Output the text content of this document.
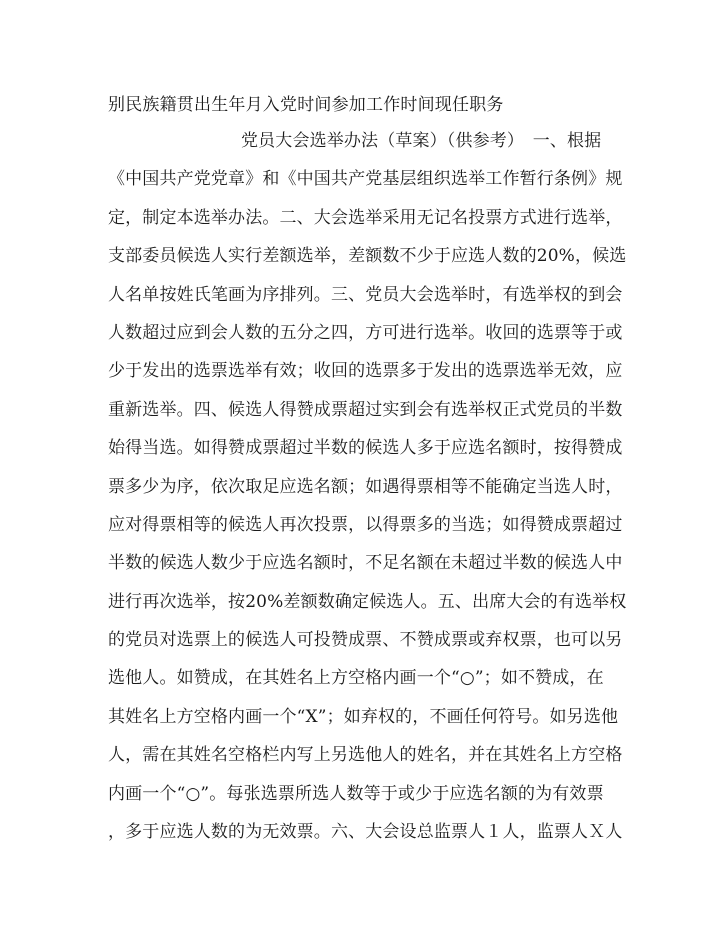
别民族籍贯出生年月入党时间参加工作时间现任职务
党员大会选举办法（草案）（供参考）　一、根据
《中国共产党党章》和《中国共产党基层组织选举工作暂行条例》规
定，制定本选举办法。二、大会选举采用无记名投票方式进行选举，
支部委员候选人实行差额选举，差额数不少于应选人数的20%，候选
人名单按姓氏笔画为序排列。三、党员大会选举时，有选举权的到会
人数超过应到会人数的五分之四，方可进行选举。收回的选票等于或
少于发出的选票选举有效；收回的选票多于发出的选票选举无效，应
重新选举。四、候选人得赞成票超过实到会有选举权正式党员的半数
始得当选。如得赞成票超过半数的候选人多于应选名额时，按得赞成
票多少为序，依次取足应选名额；如遇得票相等不能确定当选人时，
应对得票相等的候选人再次投票，以得票多的当选；如得赞成票超过
半数的候选人数少于应选名额时，不足名额在未超过半数的候选人中
进行再次选举，按20%差额数确定候选人。五、出席大会的有选举权
的党员对选票上的候选人可投赞成票、不赞成票或弃权票，也可以另
选他人。如赞成，在其姓名上方空格内画一个“○”；如不赞成，在
其姓名上方空格内画一个“X”；如弃权的，不画任何符号。如另选他
人，需在其姓名空格栏内写上另选他人的姓名，并在其姓名上方空格
内画一个“○”。每张选票所选人数等于或少于应选名额的为有效票
，多于应选人数的为无效票。六、大会设总监票人１人，监票人Ｘ人
